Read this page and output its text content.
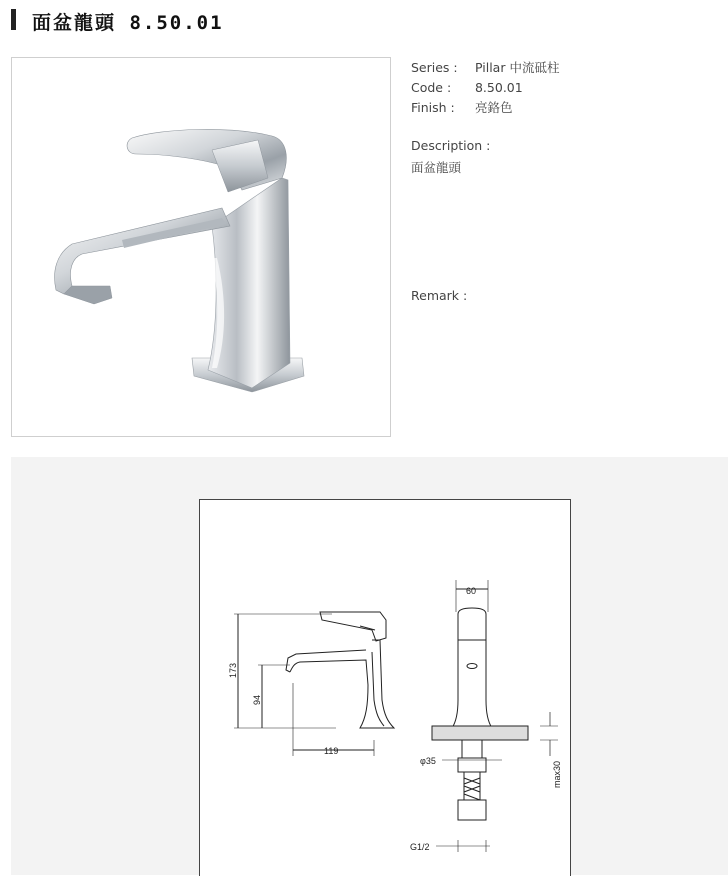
面盆龍頭 8.50.01
Series : Pillar 中流砥柱
Code : 8.50.01
Finish : 亮鉻色
Description :
面盆龍頭
Remark :
173
94
119
60
φ35	max30
G1/2
